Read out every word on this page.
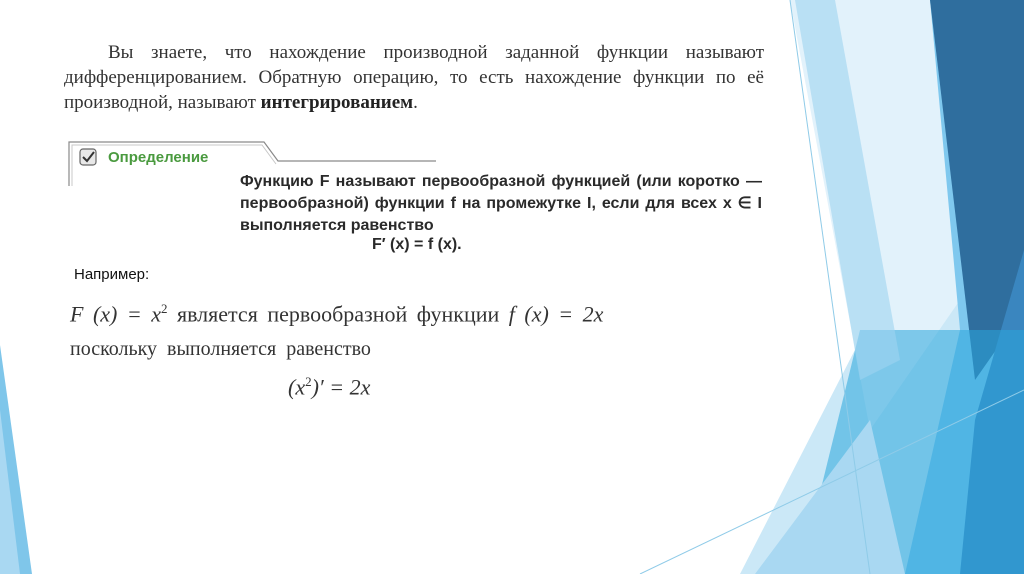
Вы знаете, что нахождение производной заданной функции называют дифференцированием. Обратную операцию, то есть нахождение функции по её производной, называют интегрированием.
Определение
Функцию F называют первообразной функцией (или коротко — первообразной) функции f на промежутке I, если для всех x ∈ I выполняется равенство
F′ (x) = f (x).
Например:
F $(x) = x^2$ является первообразной функции f (x) = 2x
поскольку выполняется равенство
$(x^2)' = 2x$
